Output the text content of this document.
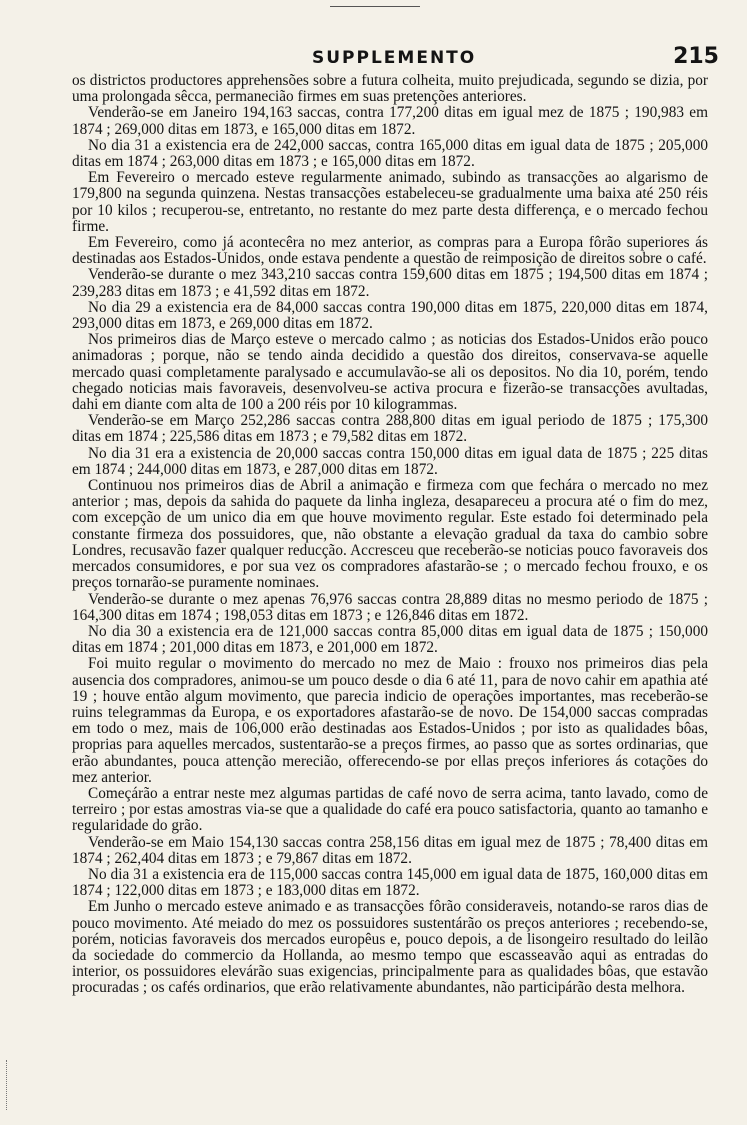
SUPPLEMENTO	215

os districtos productores apprehensões sobre a futura colheita, muito prejudicada, segundo se dizia, por uma prolongada sêcca, permanecião firmes em suas pretenções anteriores.

Venderão-se em Janeiro 194,163 saccas, contra 177,200 ditas em igual mez de 1875 ; 190,983 em 1874 ; 269,000 ditas em 1873, e 165,000 ditas em 1872.

No dia 31 a existencia era de 242,000 saccas, contra 165,000 ditas em igual data de 1875 ; 205,000 ditas em 1874 ; 263,000 ditas em 1873 ; e 165,000 ditas em 1872.

Em Fevereiro o mercado esteve regularmente animado, subindo as transacções ao algarismo de 179,800 na segunda quinzena. Nestas transacções estabeleceu-se gradualmente uma baixa até 250 réis por 10 kilos ; recuperou-se, entretanto, no restante do mez parte desta differença, e o mercado fechou firme.

Em Fevereiro, como já acontecêra no mez anterior, as compras para a Europa fôrão superiores ás destinadas aos Estados-Unidos, onde estava pendente a questão de reimposição de direitos sobre o café.

Venderão-se durante o mez 343,210 saccas contra 159,600 ditas em 1875 ; 194,500 ditas em 1874 ; 239,283 ditas em 1873 ; e 41,592 ditas em 1872.

No dia 29 a existencia era de 84,000 saccas contra 190,000 ditas em 1875, 220,000 ditas em 1874, 293,000 ditas em 1873, e 269,000 ditas em 1872.

Nos primeiros dias de Março esteve o mercado calmo ; as noticias dos Estados-Unidos erão pouco animadoras ; porque, não se tendo ainda decidido a questão dos direitos, conservava-se aquelle mercado quasi completamente paralysado e accumulavão-se ali os depositos. No dia 10, porém, tendo chegado noticias mais favoraveis, desenvolveu-se activa procura e fizerão-se transacções avultadas, dahi em diante com alta de 100 a 200 réis por 10 kilogrammas.

Venderão-se em Março 252,286 saccas contra 288,800 ditas em igual periodo de 1875 ; 175,300 ditas em 1874 ; 225,586 ditas em 1873 ; e 79,582 ditas em 1872.

No dia 31 era a existencia de 20,000 saccas contra 150,000 ditas em igual data de 1875 ; 225 ditas em 1874 ; 244,000 ditas em 1873, e 287,000 ditas em 1872.

Continuou nos primeiros dias de Abril a animação e firmeza com que fechára o mercado no mez anterior ; mas, depois da sahida do paquete da linha ingleza, desapareceu a procura até o fim do mez, com excepção de um unico dia em que houve movimento regular. Este estado foi determinado pela constante firmeza dos possuidores, que, não obstante a elevação gradual da taxa do cambio sobre Londres, recusavão fazer qualquer reducção. Accresceu que receberão-se noticias pouco favoraveis dos mercados consumidores, e por sua vez os compradores afastarão-se ; o mercado fechou frouxo, e os preços tornarão-se puramente nominaes.

Venderão-se durante o mez apenas 76,976 saccas contra 28,889 ditas no mesmo periodo de 1875 ; 164,300 ditas em 1874 ; 198,053 ditas em 1873 ; e 126,846 ditas em 1872.

No dia 30 a existencia era de 121,000 saccas contra 85,000 ditas em igual data de 1875 ; 150,000 ditas em 1874 ; 201,000 ditas em 1873, e 201,000 em 1872.

Foi muito regular o movimento do mercado no mez de Maio : frouxo nos primeiros dias pela ausencia dos compradores, animou-se um pouco desde o dia 6 até 11, para de novo cahir em apathia até 19 ; houve então algum movimento, que parecia indicio de operações importantes, mas receberão-se ruins telegrammas da Europa, e os exportadores afastarão-se de novo. De 154,000 saccas compradas em todo o mez, mais de 106,000 erão destinadas aos Estados-Unidos ; por isto as qualidades bôas, proprias para aquelles mercados, sustentarão-se a preços firmes, ao passo que as sortes ordinarias, que erão abundantes, pouca attenção merecião, offerecendo-se por ellas preços inferiores ás cotações do mez anterior.

Começárão a entrar neste mez algumas partidas de café novo de serra acima, tanto lavado, como de terreiro ; por estas amostras via-se que a qualidade do café era pouco satisfactoria, quanto ao tamanho e regularidade do grão.

Venderão-se em Maio 154,130 saccas contra 258,156 ditas em igual mez de 1875 ; 78,400 ditas em 1874 ; 262,404 ditas em 1873 ; e 79,867 ditas em 1872.

No dia 31 a existencia era de 115,000 saccas contra 145,000 em igual data de 1875, 160,000 ditas em 1874 ; 122,000 ditas em 1873 ; e 183,000 ditas em 1872.

Em Junho o mercado esteve animado e as transacções fôrão consideraveis, notando-se raros dias de pouco movimento. Até meiado do mez os possuidores sustentárão os preços anteriores ; recebendo-se, porém, noticias favoraveis dos mercados europêus e, pouco depois, a de lisongeiro resultado do leilão da sociedade do commercio da Hollanda, ao mesmo tempo que escasseavão aqui as entradas do interior, os possuidores elevárão suas exigencias, principalmente para as qualidades bôas, que estavão procuradas ; os cafés ordinarios, que erão relativamente abundantes, não participárão desta melhora.
